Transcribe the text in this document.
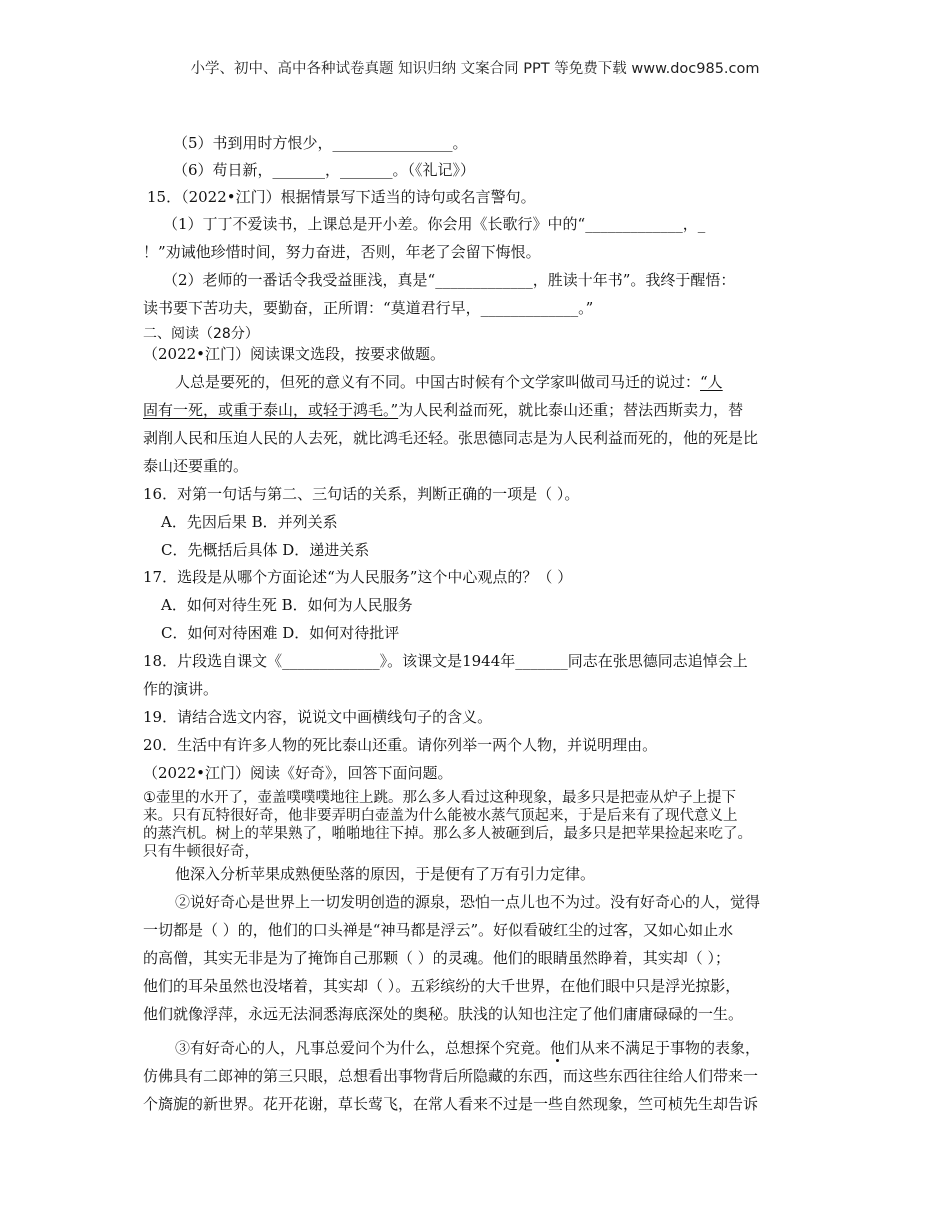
小学、初中、高中各种试卷真题 知识归纳 文案合同 PPT 等免费下载 www.doc985.com
（5）书到用时方恨少，________________。
（6）苟日新，_______，_______。（《礼记》）
15．（2022•江门）根据情景写下适当的诗句或名言警句。
（1）丁丁不爱读书，上课总是开小差。你会用《长歌行》中的“_____________，_
！”劝诫他珍惜时间，努力奋进，否则，年老了会留下悔恨。
（2）老师的一番话令我受益匪浅，真是“_____________，胜读十年书”。我终于醒悟：
读书要下苦功夫，要勤奋，正所谓：“莫道君行早，_____________。”
二、阅读（28分）
（2022•江门）阅读课文选段，按要求做题。
人总是要死的，但死的意义有不同。中国古时候有个文学家叫做司马迁的说过：“人
固有一死，或重于泰山，或轻于鸿毛。”为人民利益而死，就比泰山还重；替法西斯卖力，替
剥削人民和压迫人民的人去死，就比鸿毛还轻。张思德同志是为人民利益而死的，他的死是比
泰山还要重的。
16．对第一句话与第二、三句话的关系，判断正确的一项是（ ）。
A．先因后果 B．并列关系
C．先概括后具体 D．递进关系
17．选段是从哪个方面论述“为人民服务”这个中心观点的？（ ）
A．如何对待生死 B．如何为人民服务
C．如何对待困难 D．如何对待批评
18．片段选自课文《_____________》。该课文是1944年_______同志在张思德同志追悼会上
作的演讲。
19．请结合选文内容，说说文中画横线句子的含义。
20．生活中有许多人物的死比泰山还重。请你列举一两个人物，并说明理由。
（2022•江门）阅读《好奇》，回答下面问题。
①壶里的水开了，壶盖噗噗噗地往上跳。那么多人看过这种现象，最多只是把壶从炉子上提下
来。只有瓦特很好奇，他非要弄明白壶盖为什么能被水蒸气顶起来，于是后来有了现代意义上
的蒸汽机。树上的苹果熟了，啪啪地往下掉。那么多人被砸到后，最多只是把苹果捡起来吃了。
只有牛顿很好奇，
他深入分析苹果成熟便坠落的原因，于是便有了万有引力定律。
②说好奇心是世界上一切发明创造的源泉，恐怕一点儿也不为过。没有好奇心的人，觉得
一切都是（ ）的，他们的口头禅是“神马都是浮云”。好似看破红尘的过客，又如心如止水
的高僧，其实无非是为了掩饰自己那颗（ ）的灵魂。他们的眼睛虽然睁着，其实却（ ）；
他们的耳朵虽然也没堵着，其实却（ ）。五彩缤纷的大千世界，在他们眼中只是浮光掠影，
他们就像浮萍，永远无法洞悉海底深处的奥秘。肤浅的认知也注定了他们庸庸碌碌的一生。
③有好奇心的人，凡事总爱问个为什么，总想探个究竟。他们从来不满足于事物的表象，
仿佛具有二郎神的第三只眼，总想看出事物背后所隐藏的东西，而这些东西往往给人们带来一
个旖旎的新世界。花开花谢，草长莺飞，在常人看来不过是一些自然现象，竺可桢先生却告诉
